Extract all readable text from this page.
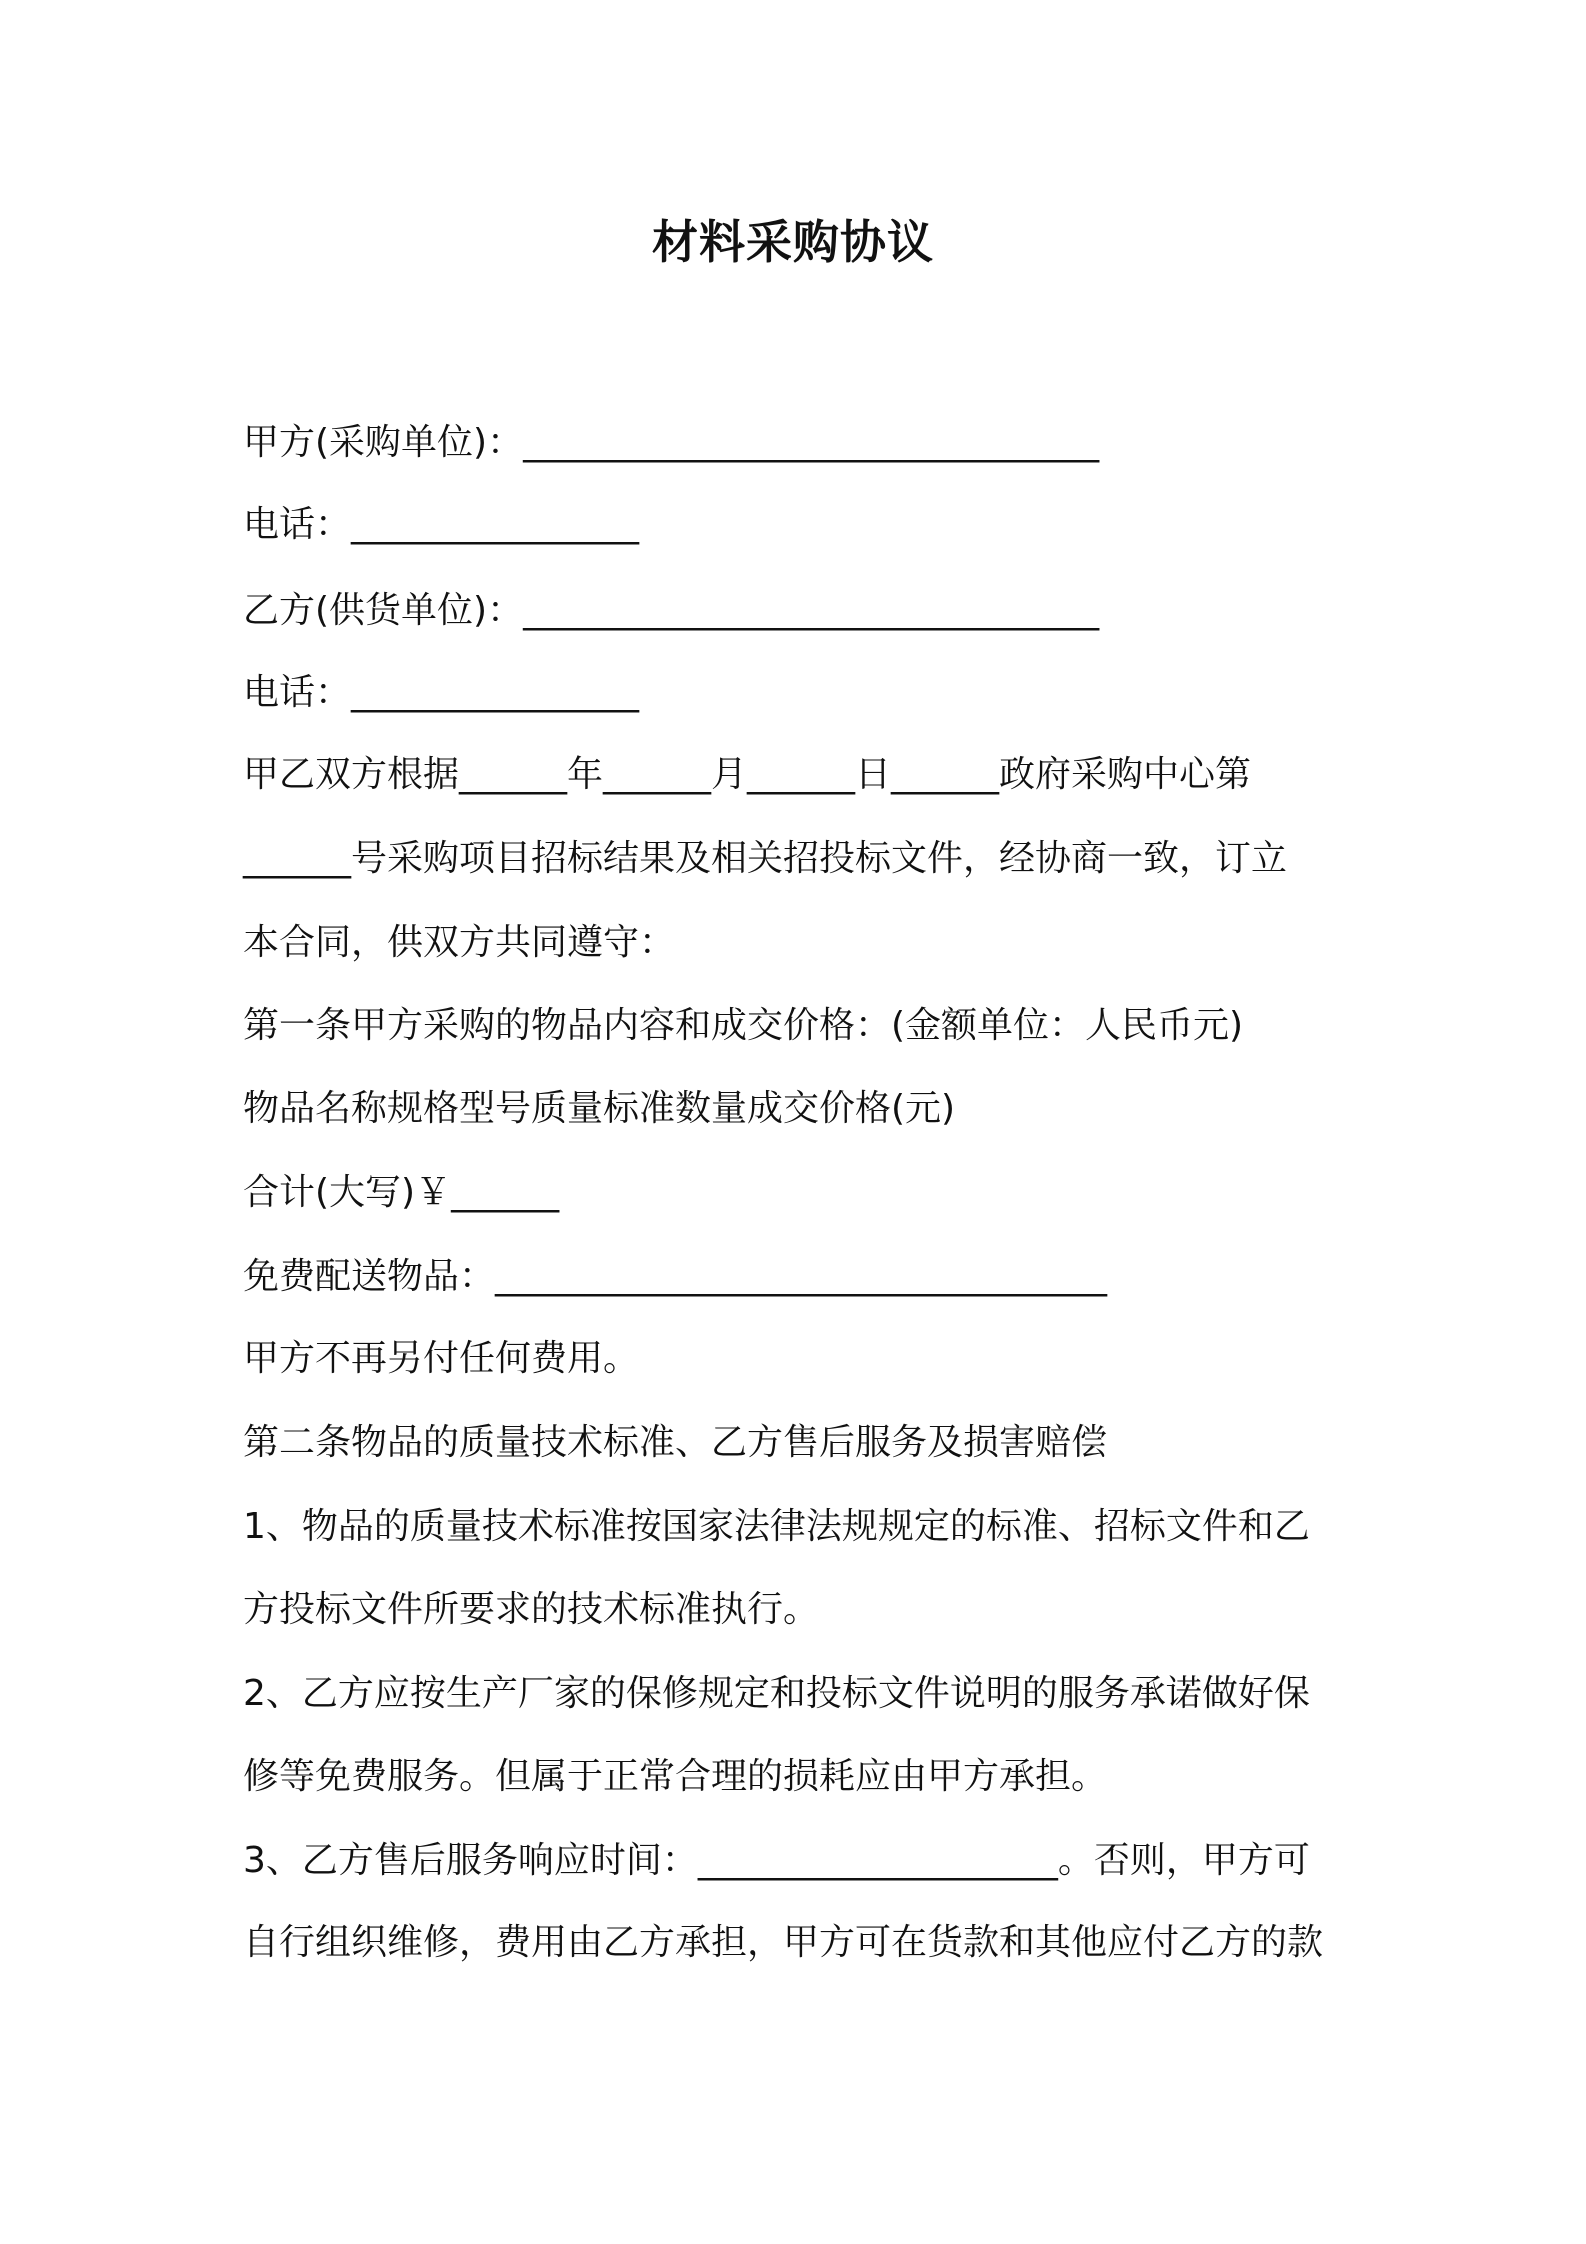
材料采购协议
甲方(采购单位)：________________________________
电话：________________
乙方(供货单位)：________________________________
电话：________________
甲乙双方根据______年______月______日______政府采购中心第
______号采购项目招标结果及相关招投标文件，经协商一致，订立
本合同，供双方共同遵守：
第一条甲方采购的物品内容和成交价格：(金额单位：人民币元)
物品名称规格型号质量标准数量成交价格(元)
合计(大写)￥______
免费配送物品：__________________________________
甲方不再另付任何费用。
第二条物品的质量技术标准、乙方售后服务及损害赔偿
1、物品的质量技术标准按国家法律法规规定的标准、招标文件和乙
方投标文件所要求的技术标准执行。
2、乙方应按生产厂家的保修规定和投标文件说明的服务承诺做好保
修等免费服务。但属于正常合理的损耗应由甲方承担。
3、乙方售后服务响应时间：____________________。否则，甲方可
自行组织维修，费用由乙方承担，甲方可在货款和其他应付乙方的款
